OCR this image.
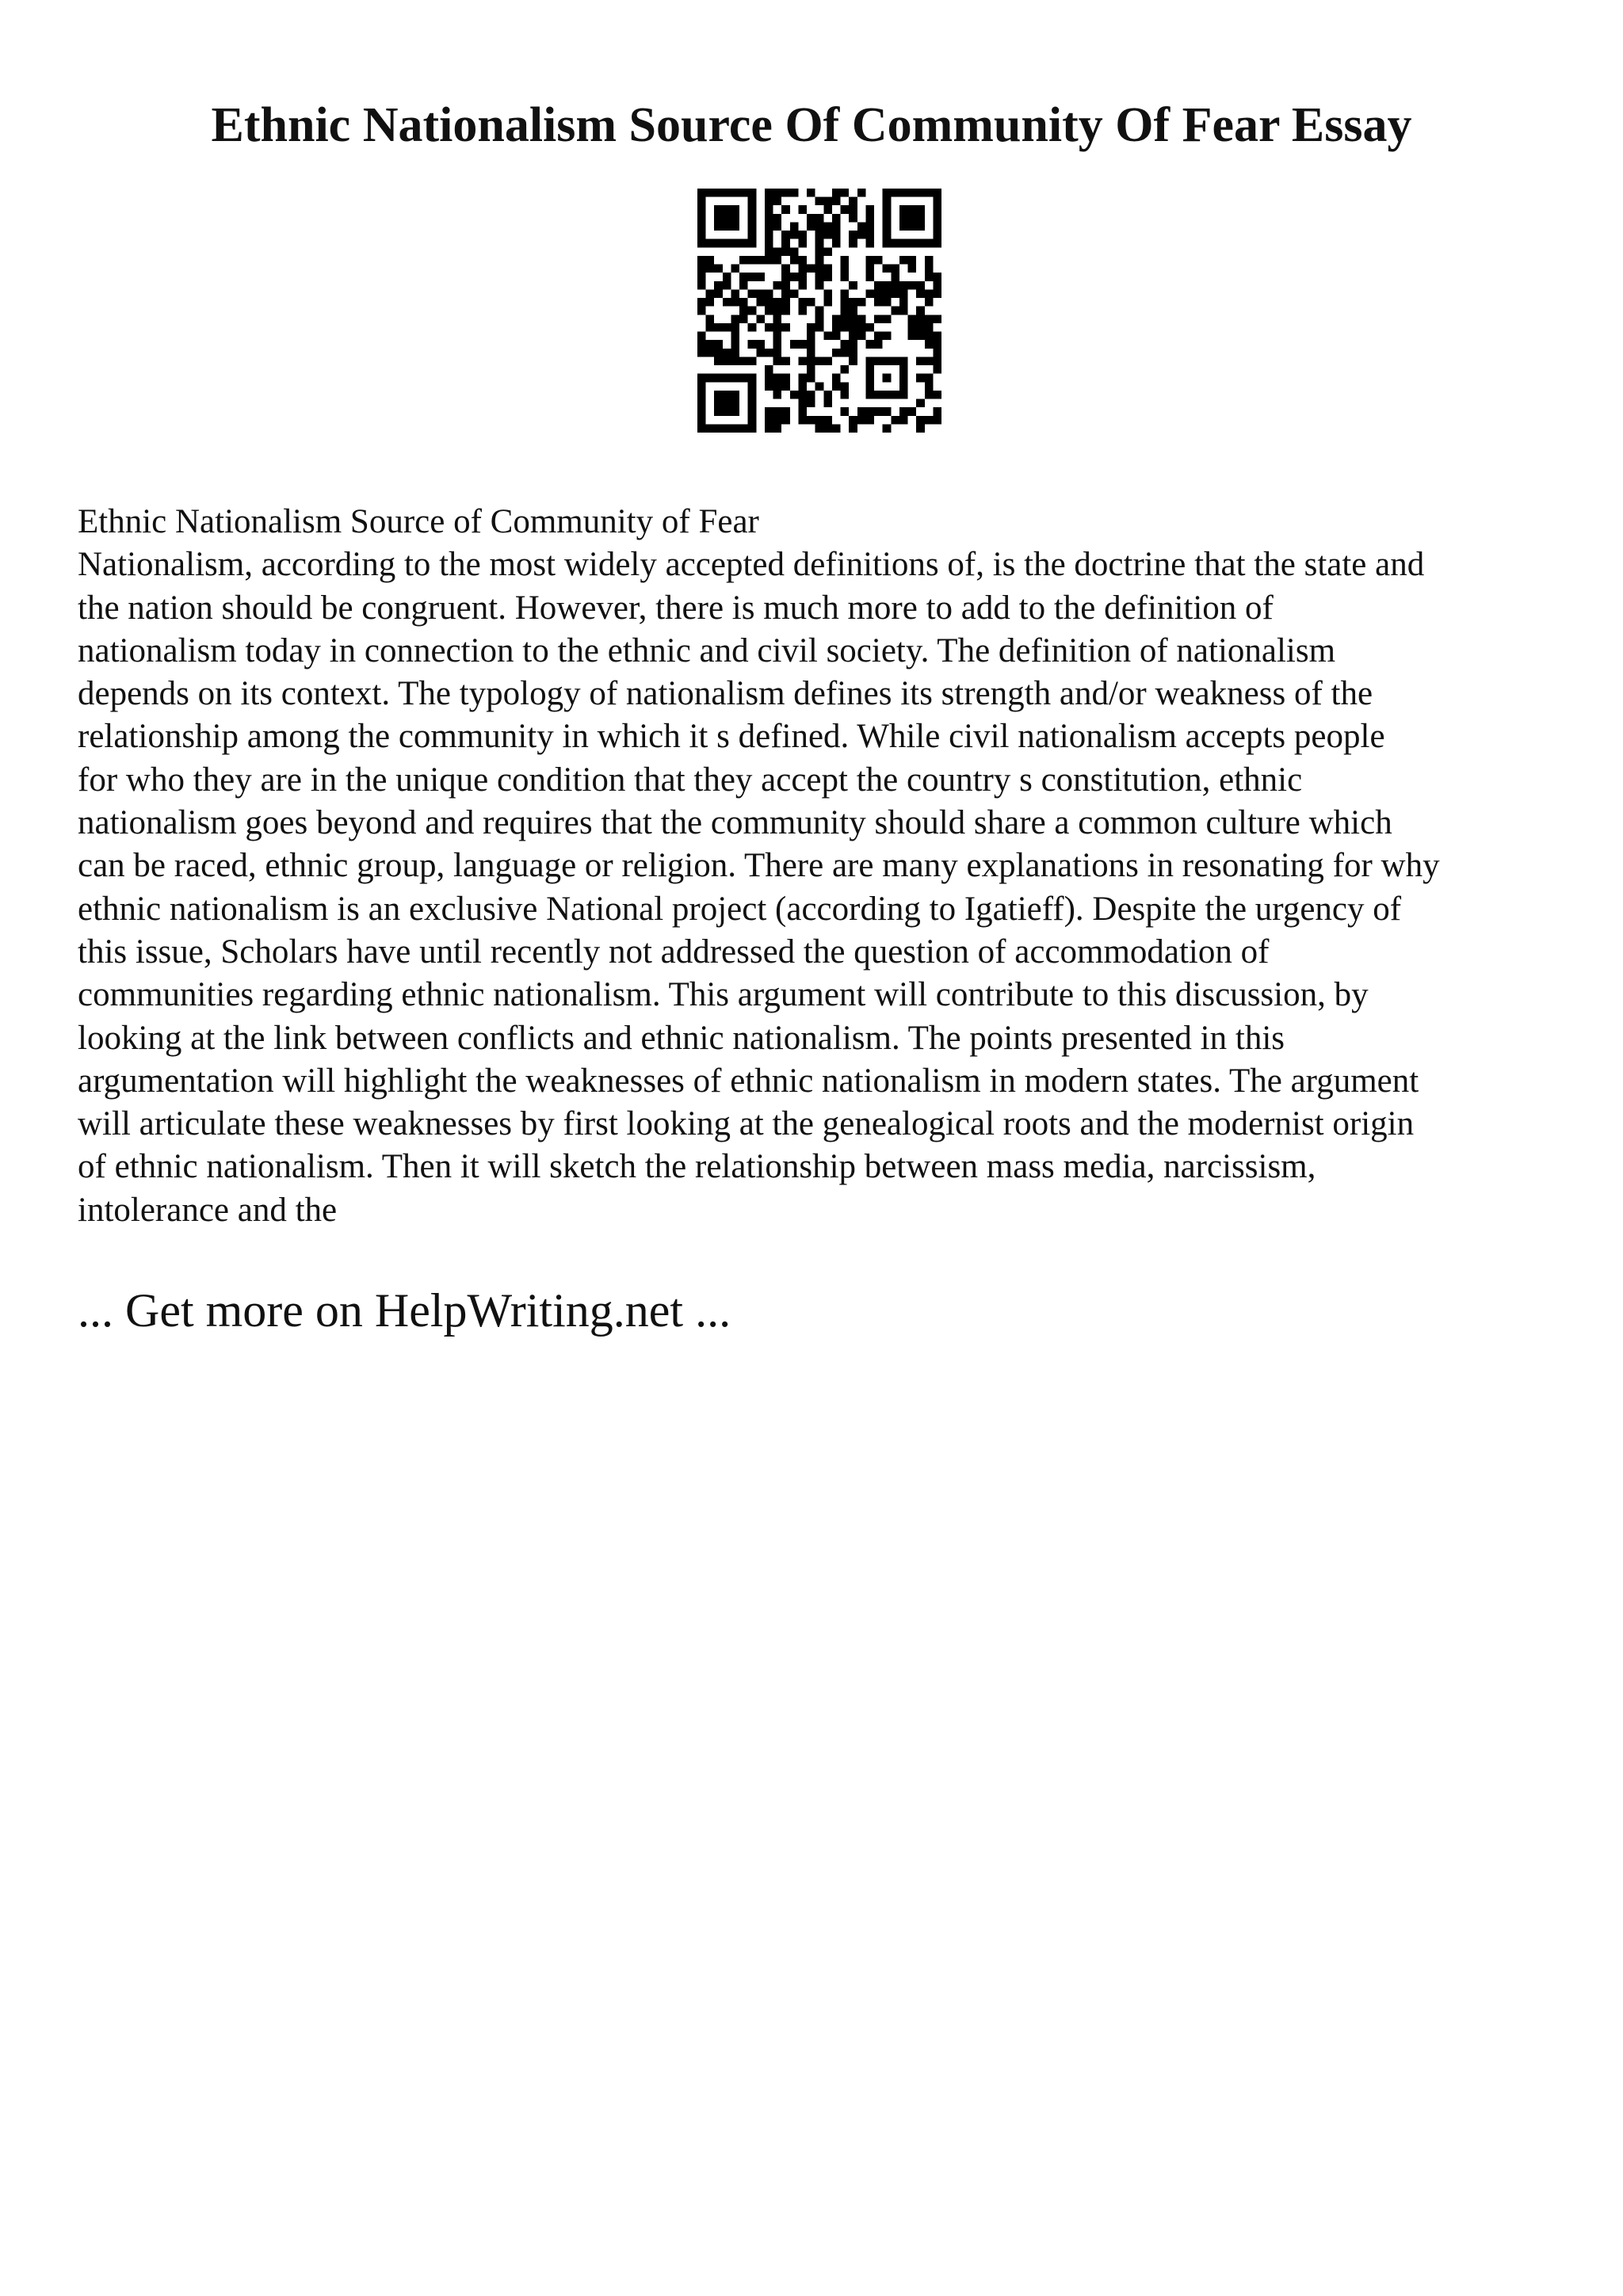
Ethnic Nationalism Source Of Community Of Fear Essay
Ethnic Nationalism Source of Community of Fear
Nationalism, according to the most widely accepted definitions of, is the doctrine that the state and
the nation should be congruent. However, there is much more to add to the definition of
nationalism today in connection to the ethnic and civil society. The definition of nationalism
depends on its context. The typology of nationalism defines its strength and/or weakness of the
relationship among the community in which it s defined. While civil nationalism accepts people
for who they are in the unique condition that they accept the country s constitution, ethnic
nationalism goes beyond and requires that the community should share a common culture which
can be raced, ethnic group, language or religion. There are many explanations in resonating for why
ethnic nationalism is an exclusive National project (according to Igatieff). Despite the urgency of
this issue, Scholars have until recently not addressed the question of accommodation of
communities regarding ethnic nationalism. This argument will contribute to this discussion, by
looking at the link between conflicts and ethnic nationalism. The points presented in this
argumentation will highlight the weaknesses of ethnic nationalism in modern states. The argument
will articulate these weaknesses by first looking at the genealogical roots and the modernist origin
of ethnic nationalism. Then it will sketch the relationship between mass media, narcissism,
intolerance and the

... Get more on HelpWriting.net ...
